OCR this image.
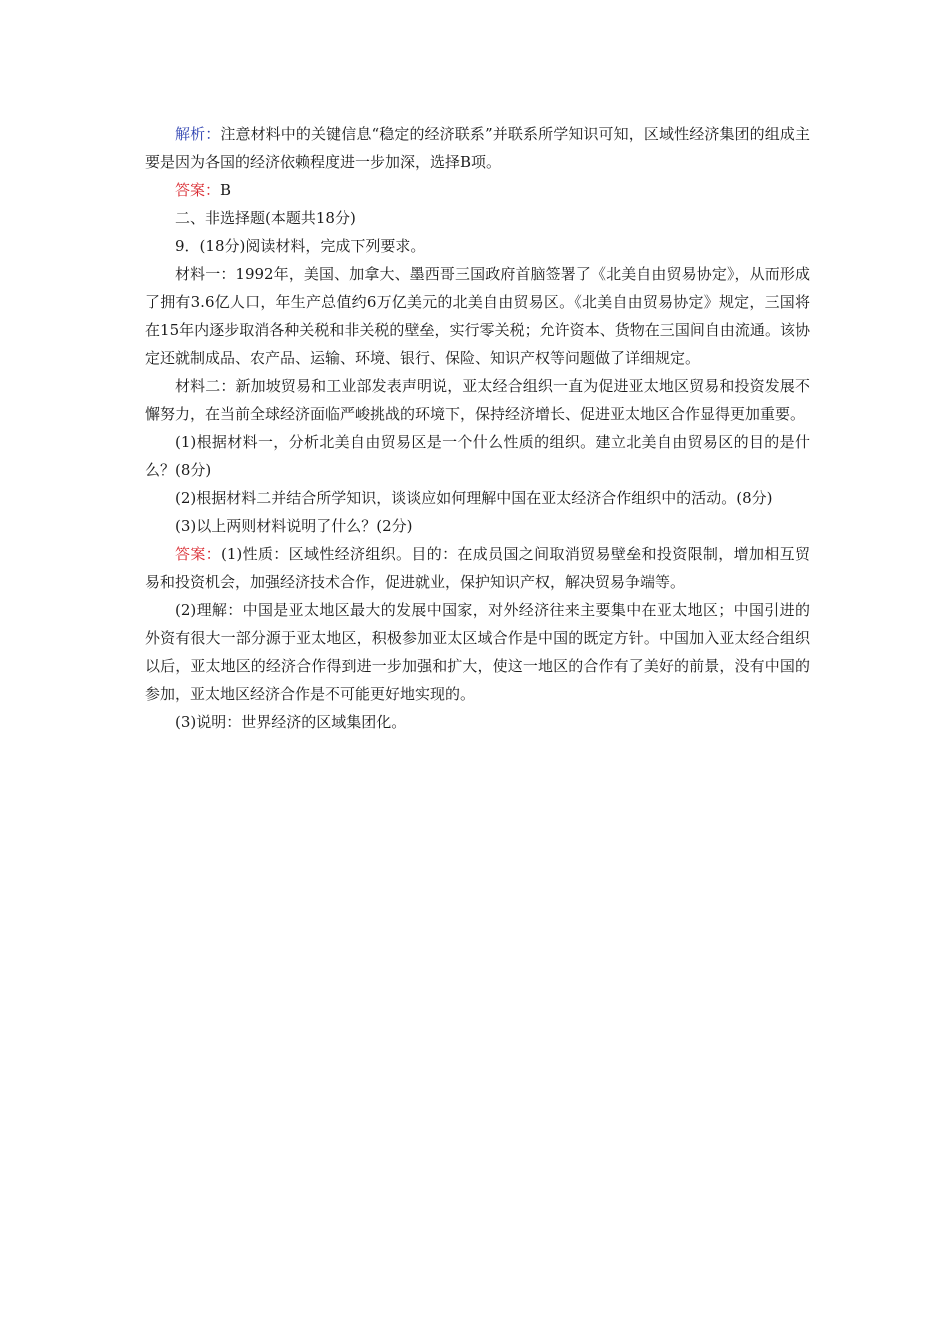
解析：注意材料中的关键信息“稳定的经济联系”并联系所学知识可知，区域性经济集团的组成主要是因为各国的经济依赖程度进一步加深，选择B项。

答案：B

二、非选择题(本题共18分)

9．(18分)阅读材料，完成下列要求。

材料一：1992年，美国、加拿大、墨西哥三国政府首脑签署了《北美自由贸易协定》，从而形成了拥有3.6亿人口，年生产总值约6万亿美元的北美自由贸易区。《北美自由贸易协定》规定，三国将在15年内逐步取消各种关税和非关税的壁垒，实行零关税；允许资本、货物在三国间自由流通。该协定还就制成品、农产品、运输、环境、银行、保险、知识产权等问题做了详细规定。

材料二：新加坡贸易和工业部发表声明说，亚太经合组织一直为促进亚太地区贸易和投资发展不懈努力，在当前全球经济面临严峻挑战的环境下，保持经济增长、促进亚太地区合作显得更加重要。

(1)根据材料一，分析北美自由贸易区是一个什么性质的组织。建立北美自由贸易区的目的是什么？(8分)

(2)根据材料二并结合所学知识，谈谈应如何理解中国在亚太经济合作组织中的活动。(8分)

(3)以上两则材料说明了什么？(2分)

答案：(1)性质：区域性经济组织。目的：在成员国之间取消贸易壁垒和投资限制，增加相互贸易和投资机会，加强经济技术合作，促进就业，保护知识产权，解决贸易争端等。

(2)理解：中国是亚太地区最大的发展中国家，对外经济往来主要集中在亚太地区；中国引进的外资有很大一部分源于亚太地区，积极参加亚太区域合作是中国的既定方针。中国加入亚太经合组织以后，亚太地区的经济合作得到进一步加强和扩大，使这一地区的合作有了美好的前景，没有中国的参加，亚太地区经济合作是不可能更好地实现的。

(3)说明：世界经济的区域集团化。
